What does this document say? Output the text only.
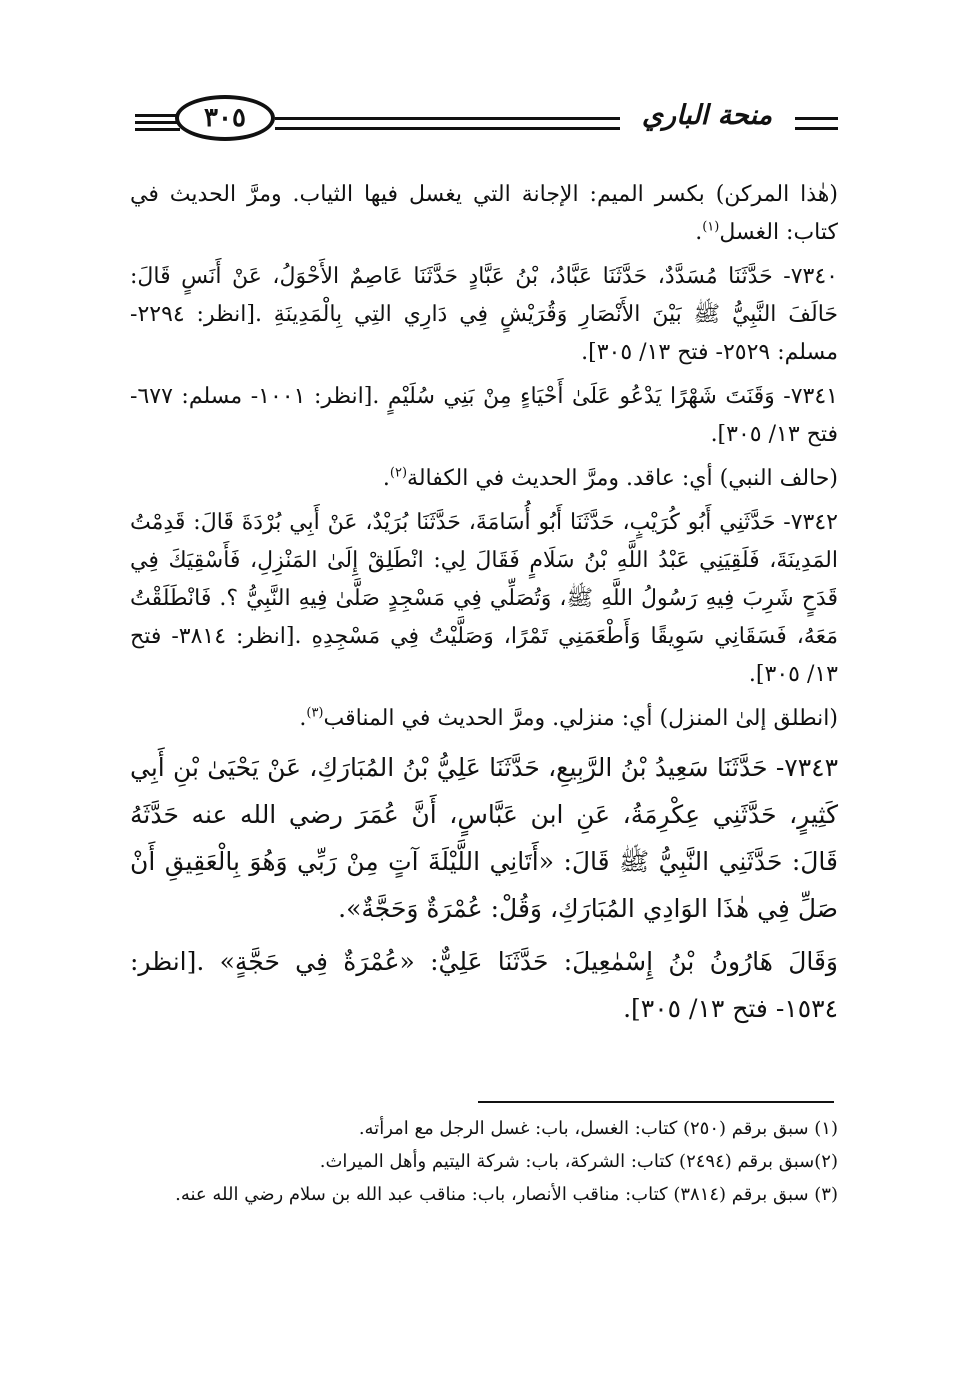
منحة الباري
٣٠٥

(هٰذا المركن) بكسر الميم: الإجانة التي يغسل فيها الثياب. ومرَّ الحديث في كتاب: الغسل$^{(١)}$.

٧٣٤٠- حَدَّثَنَا مُسَدَّدٌ، حَدَّثَنَا عَبَّادُ، بْنُ عَبَّادٍ حَدَّثَنَا عَاصِمٌ الأَحْوَلُ، عَنْ أَنَسٍ قَالَ: حَالَفَ النَّبِيُّ ﷺ بَيْنَ الأَنْصَارِ وَقُرَيْشٍ فِي دَارِي التِي بِالْمَدِينَةِ .[انظر: ٢٢٩٤- مسلم: ٢٥٢٩- فتح ١٣/ ٣٠٥].

٧٣٤١- وَقَنَتَ شَهْرًا يَدْعُو عَلَىٰ أَحْيَاءٍ مِنْ بَنِي سُلَيْمٍ .[انظر: ١٠٠١- مسلم: ٦٧٧- فتح ١٣/ ٣٠٥].

(حالف النبي) أي: عاقد. ومرَّ الحديث في الكفالة$^{(٢)}$.

٧٣٤٢- حَدَّثَنِي أَبُو كُرَيْبٍ، حَدَّثَنَا أَبُو أُسَامَةَ، حَدَّثَنَا بُرَيْدٌ، عَنْ أَبِي بُرْدَةَ قَالَ: قَدِمْتُ المَدِينَةَ، فَلَقِيَنِي عَبْدُ اللَّهِ بْنُ سَلَامٍ فَقَالَ لِي: انْطَلِقْ إِلَىٰ المَنْزِلِ، فَأَسْقِيَكَ فِي قَدَحٍ شَرِبَ فِيهِ رَسُولُ اللَّهِ ﷺ، وَتُصَلِّي فِي مَسْجِدٍ صَلَّىٰ فِيهِ النَّبِيُّ ؟. فَانْطَلَقْتُ مَعَهُ، فَسَقَانِي سَوِيقًا وَأَطْعَمَنِي تَمْرًا، وَصَلَّيْتُ فِي مَسْجِدِهِ .[انظر: ٣٨١٤- فتح ١٣/ ٣٠٥].

(انطلق إلىٰ المنزل) أي: منزلي. ومرَّ الحديث في المناقب$^{(٣)}$.

٧٣٤٣- حَدَّثَنَا سَعِيدُ بْنُ الرَّبِيعِ، حَدَّثَنَا عَلِيُّ بْنُ المُبَارَكِ، عَنْ يَحْيَىٰ بْنِ أَبِي كَثِيرٍ، حَدَّثَنِي عِكْرِمَةُ، عَنِ ابن عَبَّاسٍ، أَنَّ عُمَرَ رضي الله عنه حَدَّثَهُ قَالَ: حَدَّثَنِي النَّبِيُّ ﷺ قَالَ: «أَتَانِي اللَّيْلَةَ آتٍ مِنْ رَبِّي وَهُوَ بِالْعَقِيقِ أَنْ صَلِّ فِي هٰذَا الوَادِي المُبَارَكِ، وَقُلْ: عُمْرَةٌ وَحَجَّةٌ».

وَقَالَ هَارُونُ بْنُ إِسْمٰعِيلَ: حَدَّثَنَا عَلِيٌّ: «عُمْرَةٌ فِي حَجَّةٍ» .[انظر: ١٥٣٤- فتح ١٣/ ٣٠٥].

(١) سبق برقم (٢٥٠) كتاب: الغسل، باب: غسل الرجل مع امرأته.
(٢)سبق برقم (٢٤٩٤) كتاب: الشركة، باب: شركة اليتيم وأهل الميراث.
(٣) سبق برقم (٣٨١٤) كتاب: مناقب الأنصار، باب: مناقب عبد الله بن سلام رضي الله عنه.
